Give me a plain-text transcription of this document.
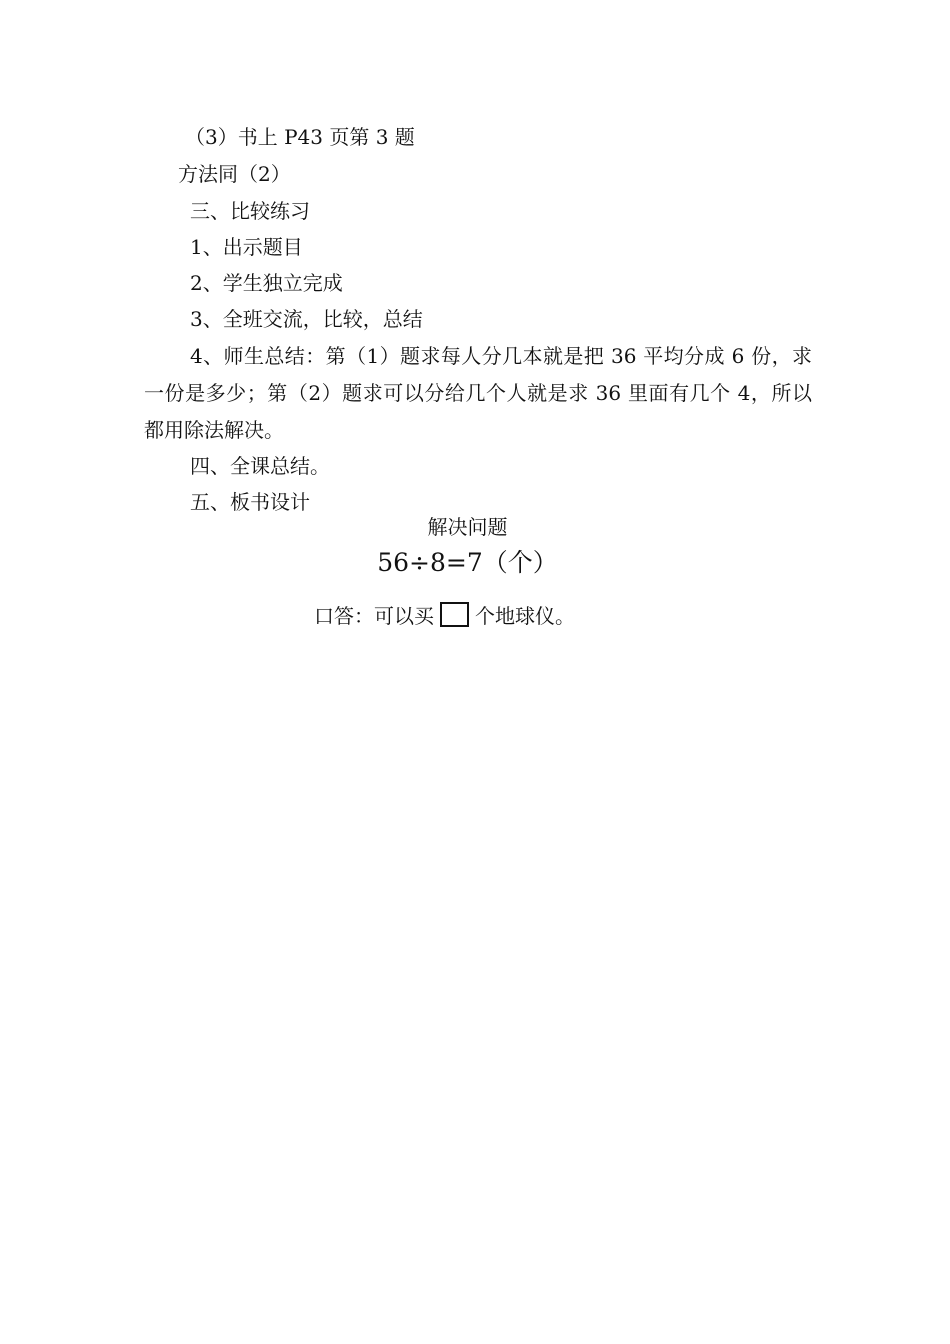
（3）书上 P43 页第 3 题
方法同（2）
三、比较练习
1、出示题目
2、学生独立完成
3、全班交流，比较，总结
4、师生总结：第（1）题求每人分几本就是把 36 平均分成 6 份，求一份是多少；第（2）题求可以分给几个人就是求 36 里面有几个 4，所以都用除法解决。
四、全课总结。
五、板书设计
解决问题
56÷8=7（个）
口答：可以买 个地球仪。
